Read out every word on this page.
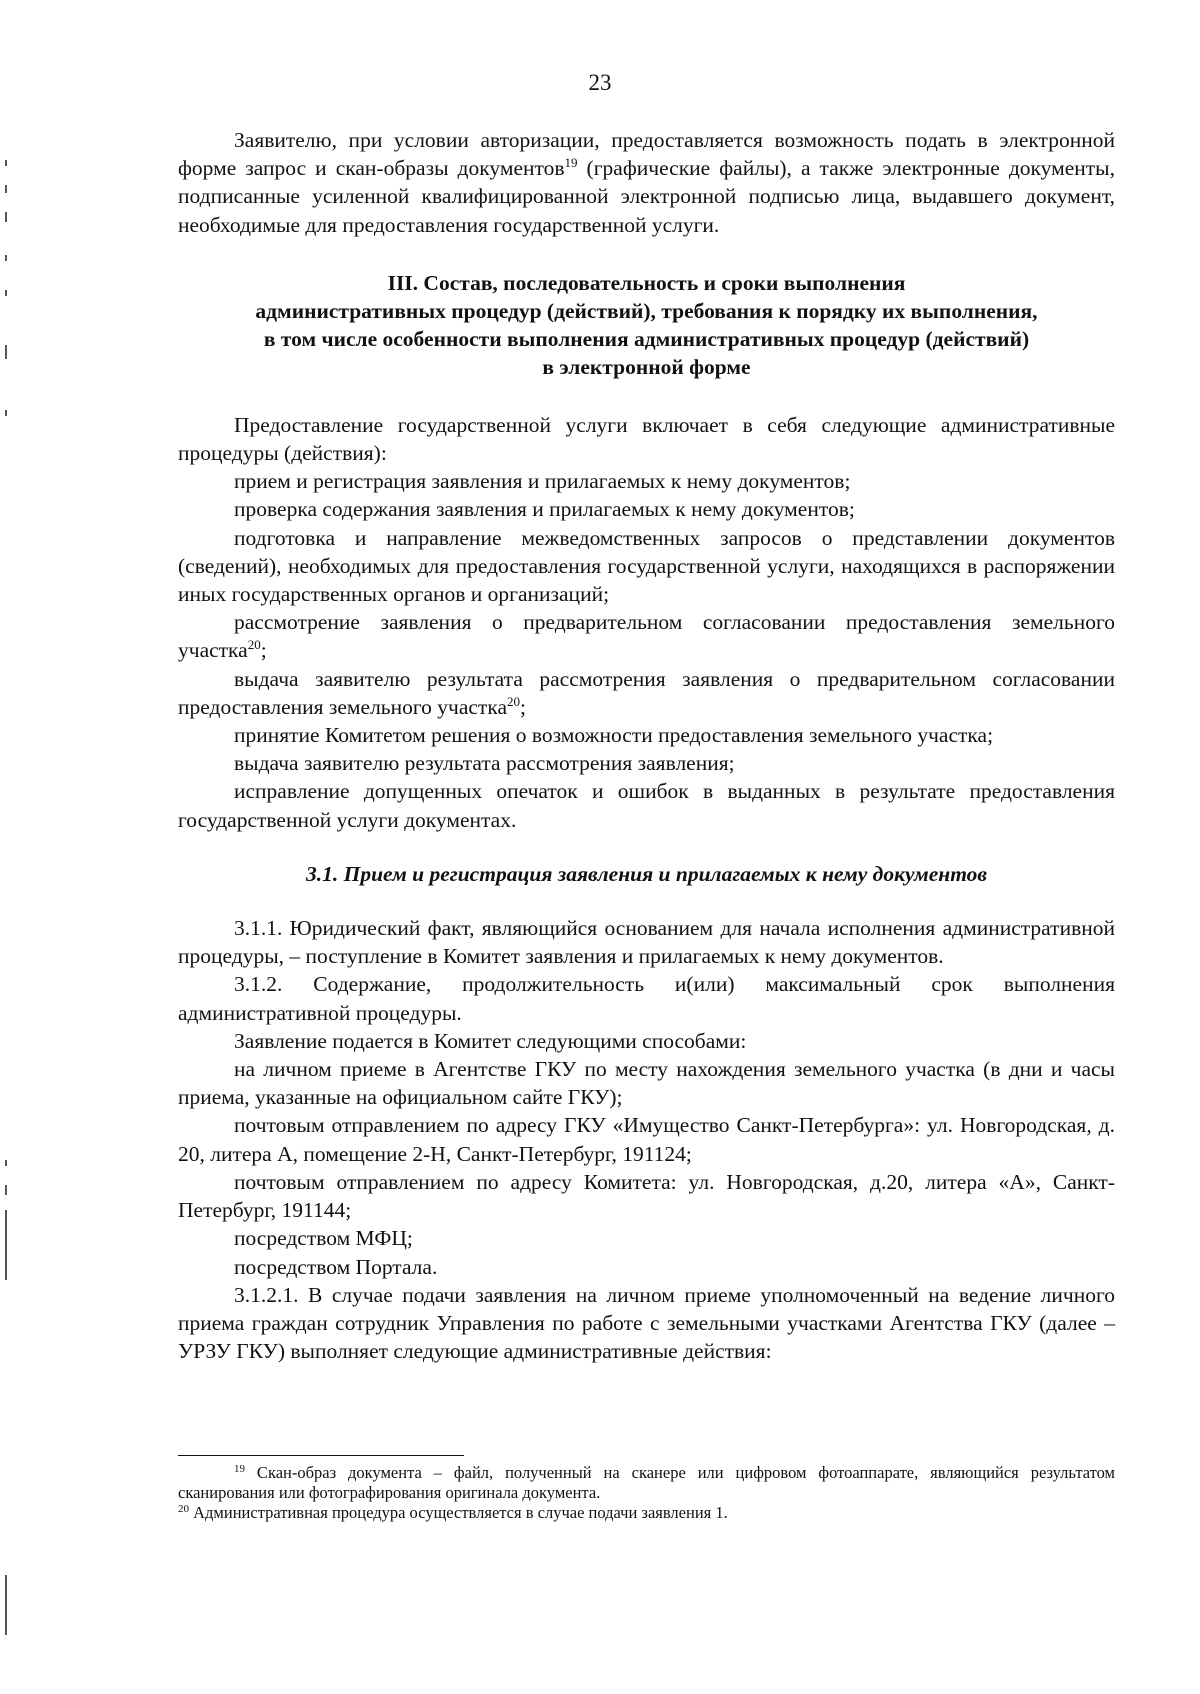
23

Заявителю, при условии авторизации, предоставляется возможность подать в электронной форме запрос и скан-образы документов$^{19}$ (графические файлы), а также электронные документы, подписанные усиленной квалифицированной электронной подписью лица, выдавшего документ, необходимые для предоставления государственной услуги.

III. Состав, последовательность и сроки выполнения
административных процедур (действий), требования к порядку их выполнения,
в том числе особенности выполнения административных процедур (действий)
в электронной форме

Предоставление государственной услуги включает в себя следующие административные процедуры (действия):

прием и регистрация заявления и прилагаемых к нему документов;

проверка содержания заявления и прилагаемых к нему документов;

подготовка и направление межведомственных запросов о представлении документов (сведений), необходимых для предоставления государственной услуги, находящихся в распоряжении иных государственных органов и организаций;

рассмотрение заявления о предварительном согласовании предоставления земельного участка$^{20}$;

выдача заявителю результата рассмотрения заявления о предварительном согласовании предоставления земельного участка$^{20}$;

принятие Комитетом решения о возможности предоставления земельного участка;

выдача заявителю результата рассмотрения заявления;

исправление допущенных опечаток и ошибок в выданных в результате предоставления государственной услуги документах.

3.1. Прием и регистрация заявления и прилагаемых к нему документов

3.1.1. Юридический факт, являющийся основанием для начала исполнения административной процедуры, – поступление в Комитет заявления и прилагаемых к нему документов.

3.1.2. Содержание, продолжительность и(или) максимальный срок выполнения административной процедуры.

Заявление подается в Комитет следующими способами:

на личном приеме в Агентстве ГКУ по месту нахождения земельного участка (в дни и часы приема, указанные на официальном сайте ГКУ);

почтовым отправлением по адресу ГКУ «Имущество Санкт-Петербурга»: ул. Новгородская, д. 20, литера А, помещение 2-Н, Санкт-Петербург, 191124;

почтовым отправлением по адресу Комитета: ул. Новгородская, д.20, литера «А», Санкт-Петербург, 191144;

посредством МФЦ;

посредством Портала.

3.1.2.1. В случае подачи заявления на личном приеме уполномоченный на ведение личного приема граждан сотрудник Управления по работе с земельными участками Агентства ГКУ (далее – УРЗУ ГКУ) выполняет следующие административные действия:

$^{19}$ Скан-образ документа – файл, полученный на сканере или цифровом фотоаппарате, являющийся результатом сканирования или фотографирования оригинала документа.

$^{20}$ Административная процедура осуществляется в случае подачи заявления 1.
